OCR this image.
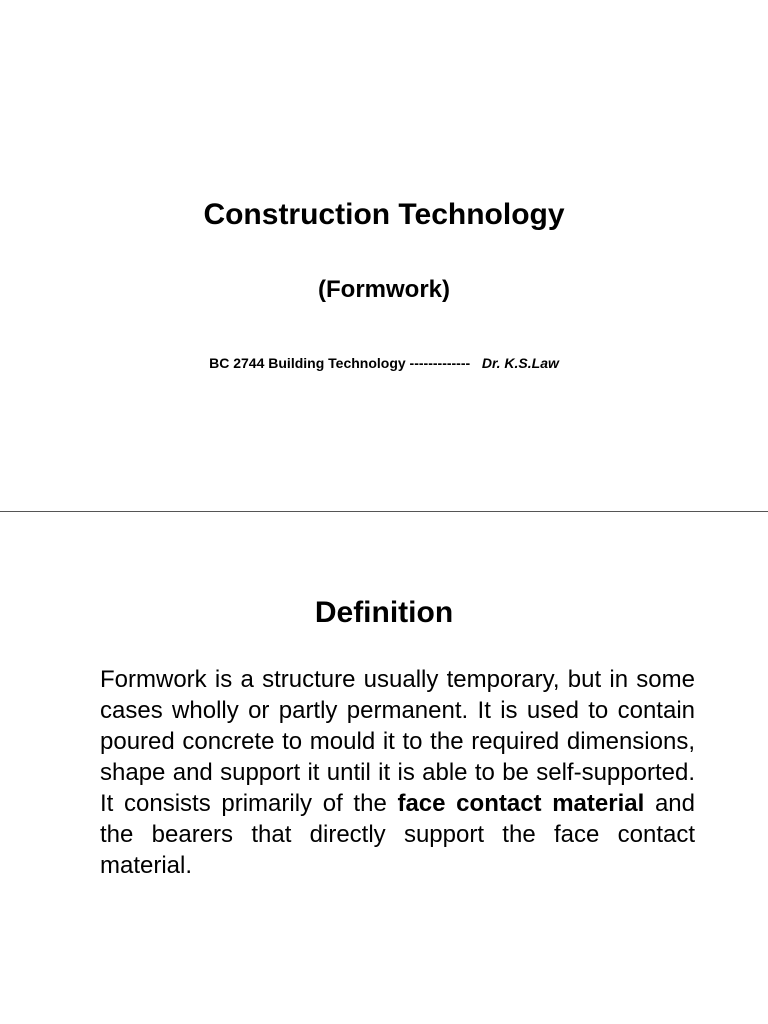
Construction Technology
(Formwork)
BC 2744 Building Technology ------------- Dr. K.S.Law
Definition

Formwork is a structure usually temporary, but in some cases wholly or partly permanent. It is used to contain poured concrete to mould it to the required dimensions, shape and support it until it is able to be self-supported. It consists primarily of the face contact material and the bearers that directly support the face contact material.
